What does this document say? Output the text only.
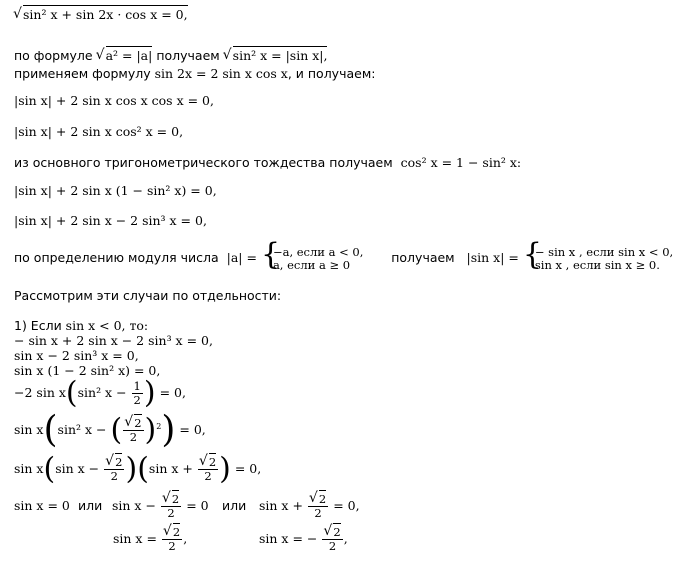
√ sin² x + sin 2x · cos x = 0,
по формуле √ a² = |a| получаем √ sin² x = |sin x|,
применяем формулу sin 2x = 2 sin x cos x, и получаем:
|sin x| + 2 sin x cos x cos x = 0,
|sin x| + 2 sin x cos² x = 0,
из основного тригонометрического тождества получаем cos² x = 1 − sin² x:
|sin x| + 2 sin x (1 − sin² x) = 0,
|sin x| + 2 sin x − 2 sin³ x = 0,
по определению модуля числа |a| = { −a, если a < 0,
a, если a ≥ 0	получаем |sin x| = { − sin x , если sin x < 0,
sin x , если sin x ≥ 0.
Рассмотрим эти случаи по отдельности:
1) Если sin x < 0, то:
− sin x + 2 sin x − 2 sin³ x = 0,
sin x − 2 sin³ x = 0,
sin x (1 − 2 sin² x) = 0,
−2 sin x(sin² $x - \frac{1}{2}$ ) = 0,
sin x(sin² x − ( √ $\frac{2}{2} )^2) = 0$,
sin x(sin x − √ $\frac{2}{2} )(\sin$ x + √ $\frac{2}{2}$ ) = 0,
sin x = 0 или sin x − √ $\frac{2}{2} = 0$ или sin x + √ $\frac{2}{2} = 0$,
sin x = √ $\frac{2}{2}$ ,	sin x = − √ $\frac{2}{2}$ ,
